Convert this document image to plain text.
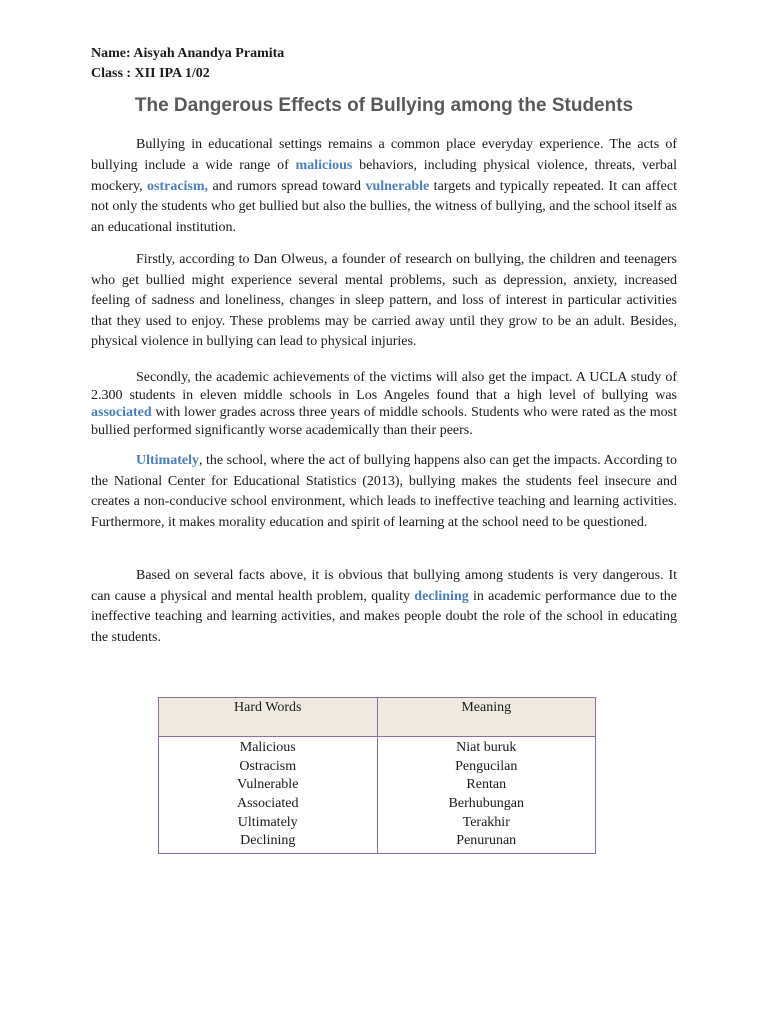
Name: Aisyah Anandya Pramita
Class : XII IPA 1/02
The Dangerous Effects of Bullying among the Students

Bullying in educational settings remains a common place everyday experience. The acts of bullying include a wide range of malicious behaviors, including physical violence, threats, verbal mockery, ostracism, and rumors spread toward vulnerable targets and typically repeated. It can affect not only the students who get bullied but also the bullies, the witness of bullying, and the school itself as an educational institution.

Firstly, according to Dan Olweus, a founder of research on bullying, the children and teenagers who get bullied might experience several mental problems, such as depression, anxiety, increased feeling of sadness and loneliness, changes in sleep pattern, and loss of interest in particular activities that they used to enjoy. These problems may be carried away until they grow to be an adult. Besides, physical violence in bullying can lead to physical injuries.

Secondly, the academic achievements of the victims will also get the impact. A UCLA study of 2.300 students in eleven middle schools in Los Angeles found that a high level of bullying was associated with lower grades across three years of middle schools. Students who were rated as the most bullied performed significantly worse academically than their peers.

Ultimately, the school, where the act of bullying happens also can get the impacts. According to the National Center for Educational Statistics (2013), bullying makes the students feel insecure and creates a non-conducive school environment, which leads to ineffective teaching and learning activities. Furthermore, it makes morality education and spirit of learning at the school need to be questioned.

Based on several facts above, it is obvious that bullying among students is very dangerous. It can cause a physical and mental health problem, quality declining in academic performance due to the ineffective teaching and learning activities, and makes people doubt the role of the school in educating the students.

Hard Words	Meaning
Malicious	Niat buruk
Ostracism	Pengucilan
Vulnerable	Rentan
Associated	Berhubungan
Ultimately	Terakhir
Declining	Penurunan
